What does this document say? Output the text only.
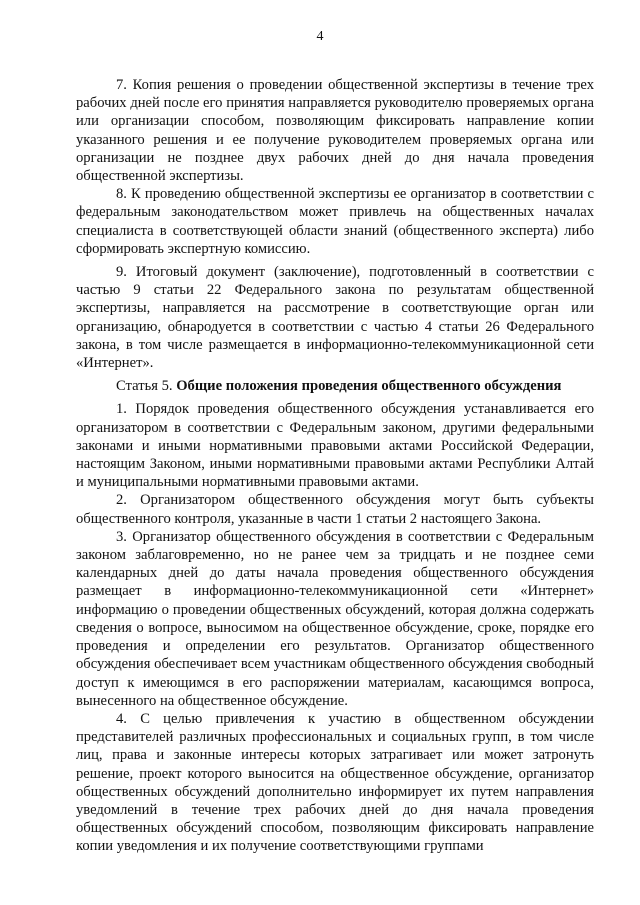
4

7. Копия решения о проведении общественной экспертизы в течение трех рабочих дней после его принятия направляется руководителю проверяемых органа или организации способом, позволяющим фиксировать направление копии указанного решения и ее получение руководителем проверяемых органа или организации не позднее двух рабочих дней до дня начала проведения общественной экспертизы.

8. К проведению общественной экспертизы ее организатор в соответствии с федеральным законодательством может привлечь на общественных началах специалиста в соответствующей области знаний (общественного эксперта) либо сформировать экспертную комиссию.

9. Итоговый документ (заключение), подготовленный в соответствии с частью 9 статьи 22 Федерального закона по результатам общественной экспертизы, направляется на рассмотрение в соответствующие орган или организацию, обнародуется в соответствии с частью 4 статьи 26 Федерального закона, в том числе размещается в информационно-телекоммуникационной сети «Интернет».

Статья 5. Общие положения проведения общественного обсуждения

1. Порядок проведения общественного обсуждения устанавливается его организатором в соответствии с Федеральным законом, другими федеральными законами и иными нормативными правовыми актами Российской Федерации, настоящим Законом, иными нормативными правовыми актами Республики Алтай и муниципальными нормативными правовыми актами.

2. Организатором общественного обсуждения могут быть субъекты общественного контроля, указанные в части 1 статьи 2 настоящего Закона.

3. Организатор общественного обсуждения в соответствии с Федеральным законом заблаговременно, но не ранее чем за тридцать и не позднее семи календарных дней до даты начала проведения общественного обсуждения размещает в информационно-телекоммуникационной сети «Интернет» информацию о проведении общественных обсуждений, которая должна содержать сведения о вопросе, выносимом на общественное обсуждение, сроке, порядке его проведения и определении его результатов. Организатор общественного обсуждения обеспечивает всем участникам общественного обсуждения свободный доступ к имеющимся в его распоряжении материалам, касающимся вопроса, вынесенного на общественное обсуждение.

4. С целью привлечения к участию в общественном обсуждении представителей различных профессиональных и социальных групп, в том числе лиц, права и законные интересы которых затрагивает или может затронуть решение, проект которого выносится на общественное обсуждение, организатор общественных обсуждений дополнительно информирует их путем направления уведомлений в течение трех рабочих дней до дня начала проведения общественных обсуждений способом, позволяющим фиксировать направление копии уведомления и их получение соответствующими группами
